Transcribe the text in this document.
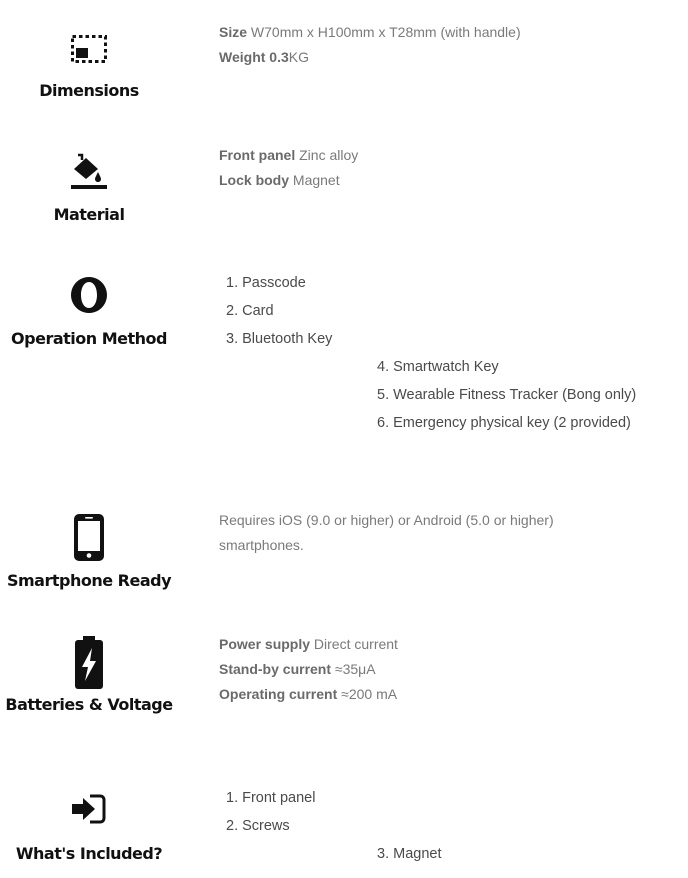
Dimensions
Size W70mm x H100mm x T28mm (with handle)
Weight 0.3KG
Material
Front panel Zinc alloy
Lock body Magnet
Operation Method
1. Passcode
2. Card
3. Bluetooth Key
4. Smartwatch Key
5. Wearable Fitness Tracker (Bong only)
6. Emergency physical key (2 provided)
Smartphone Ready
Requires iOS (9.0 or higher) or Android (5.0 or higher) smartphones.
Batteries & Voltage
Power supply Direct current
Stand-by current ≈35μA
Operating current ≈200 mA
What's Included?
1. Front panel
2. Screws
3. Magnet
